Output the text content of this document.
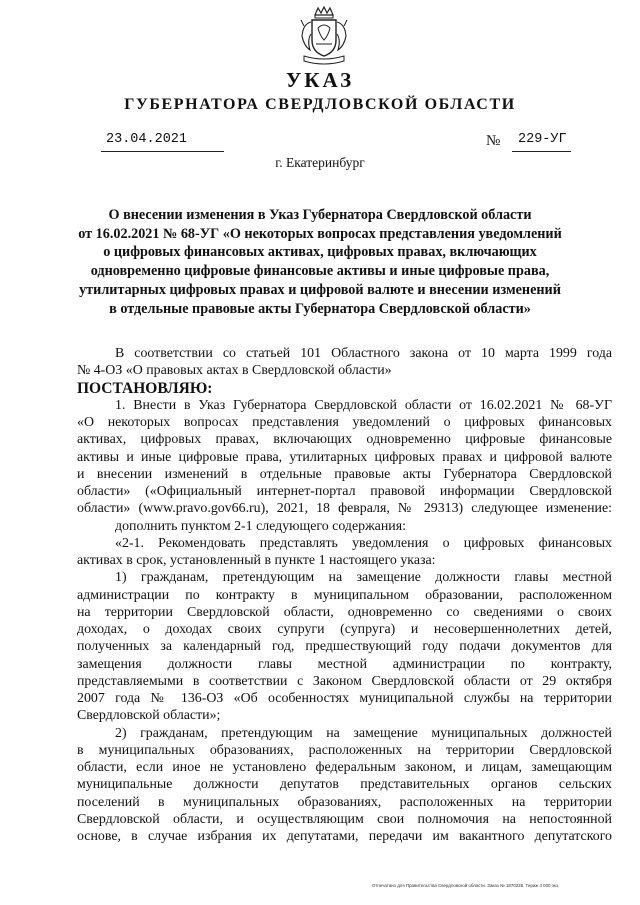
УКАЗ
ГУБЕРНАТОРА СВЕРДЛОВСКОЙ ОБЛАСТИ
23.04.2021	№ 229-УГ
г. Екатеринбург
О внесении изменения в Указ Губернатора Свердловской области
от 16.02.2021 № 68-УГ «О некоторых вопросах представления уведомлений
о цифровых финансовых активах, цифровых правах, включающих
одновременно цифровые финансовые активы и иные цифровые права,
утилитарных цифровых правах и цифровой валюте и внесении изменений
в отдельные правовые акты Губернатора Свердловской области»
В соответствии со статьей 101 Областного закона от 10 марта 1999 года
№ 4-ОЗ «О правовых актах в Свердловской области»
ПОСТАНОВЛЯЮ:
1. Внести в Указ Губернатора Свердловской области от 16.02.2021 № 68-УГ
«О некоторых вопросах представления уведомлений о цифровых финансовых
активах, цифровых правах, включающих одновременно цифровые финансовые
активы и иные цифровые права, утилитарных цифровых правах и цифровой валюте
и внесении изменений в отдельные правовые акты Губернатора Свердловской
области» («Официальный интернет-портал правовой информации Свердловской
области» (www.pravo.gov66.ru), 2021, 18 февраля, № 29313) следующее изменение:
дополнить пунктом 2-1 следующего содержания:
«2-1. Рекомендовать представлять уведомления о цифровых финансовых
активах в срок, установленный в пункте 1 настоящего указа:
1) гражданам, претендующим на замещение должности главы местной
администрации по контракту в муниципальном образовании, расположенном
на территории Свердловской области, одновременно со сведениями о своих
доходах, о доходах своих супруги (супруга) и несовершеннолетних детей,
полученных за календарный год, предшествующий году подачи документов для
замещения должности главы местной администрации по контракту,
представляемыми в соответствии с Законом Свердловской области от 29 октября
2007 года № 136-ОЗ «Об особенностях муниципальной службы на территории
Свердловской области»;
2) гражданам, претендующим на замещение муниципальных должностей
в муниципальных образованиях, расположенных на территории Свердловской
области, если иное не установлено федеральным законом, и лицам, замещающим
муниципальные должности депутатов представительных органов сельских
поселений в муниципальных образованиях, расположенных на территории
Свердловской области, и осуществляющим свои полномочия на непостоянной
основе, в случае избрания их депутатами, передачи им вакантного депутатского
Отпечатано для Правительства Свердловской области. Заказ № 1870238. Тираж 4 000 экз.
